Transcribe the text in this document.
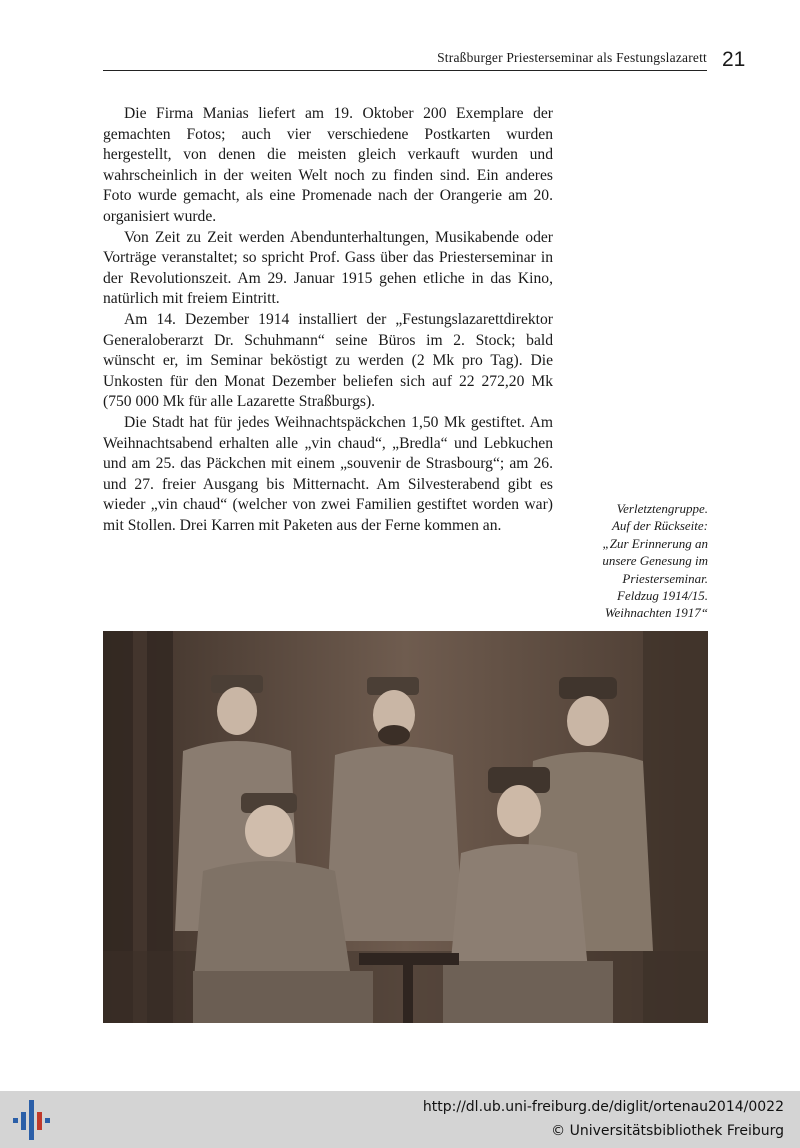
Straßburger Priesterseminar als Festungslazarett 21

Die Firma Manias liefert am 19. Oktober 200 Exemplare der gemachten Fotos; auch vier verschiedene Postkarten wurden hergestellt, von denen die meisten gleich verkauft wurden und wahrscheinlich in der weiten Welt noch zu finden sind. Ein anderes Foto wurde gemacht, als eine Promenade nach der Orangerie am 20. organisiert wurde.

Von Zeit zu Zeit werden Abendunterhaltungen, Musikabende oder Vorträge veranstaltet; so spricht Prof. Gass über das Priesterseminar in der Revolutionszeit. Am 29. Januar 1915 gehen etliche in das Kino, natürlich mit freiem Eintritt.

Am 14. Dezember 1914 installiert der „Festungslazarettdirektor Generaloberarzt Dr. Schuhmann“ seine Büros im 2. Stock; bald wünscht er, im Seminar beköstigt zu werden (2 Mk pro Tag). Die Unkosten für den Monat Dezember beliefen sich auf 22 272,20 Mk (750 000 Mk für alle Lazarette Straßburgs).

Die Stadt hat für jedes Weihnachtspäckchen 1,50 Mk gestiftet. Am Weihnachtsabend erhalten alle „vin chaud“, „Bredla“ und Lebkuchen und am 25. das Päckchen mit einem „souvenir de Strasbourg“; am 26. und 27. freier Ausgang bis Mitternacht. Am Silvesterabend gibt es wieder „vin chaud“ (welcher von zwei Familien gestiftet worden war) mit Stollen. Drei Karren mit Paketen aus der Ferne kommen an.

Verletztengruppe.
Auf der Rückseite:
„Zur Erinnerung an
unsere Genesung im
Priesterseminar.
Feldzug 1914/15.
Weihnachten 1917“
http://dl.ub.uni-freiburg.de/diglit/ortenau2014/0022
© Universitätsbibliothek Freiburg
